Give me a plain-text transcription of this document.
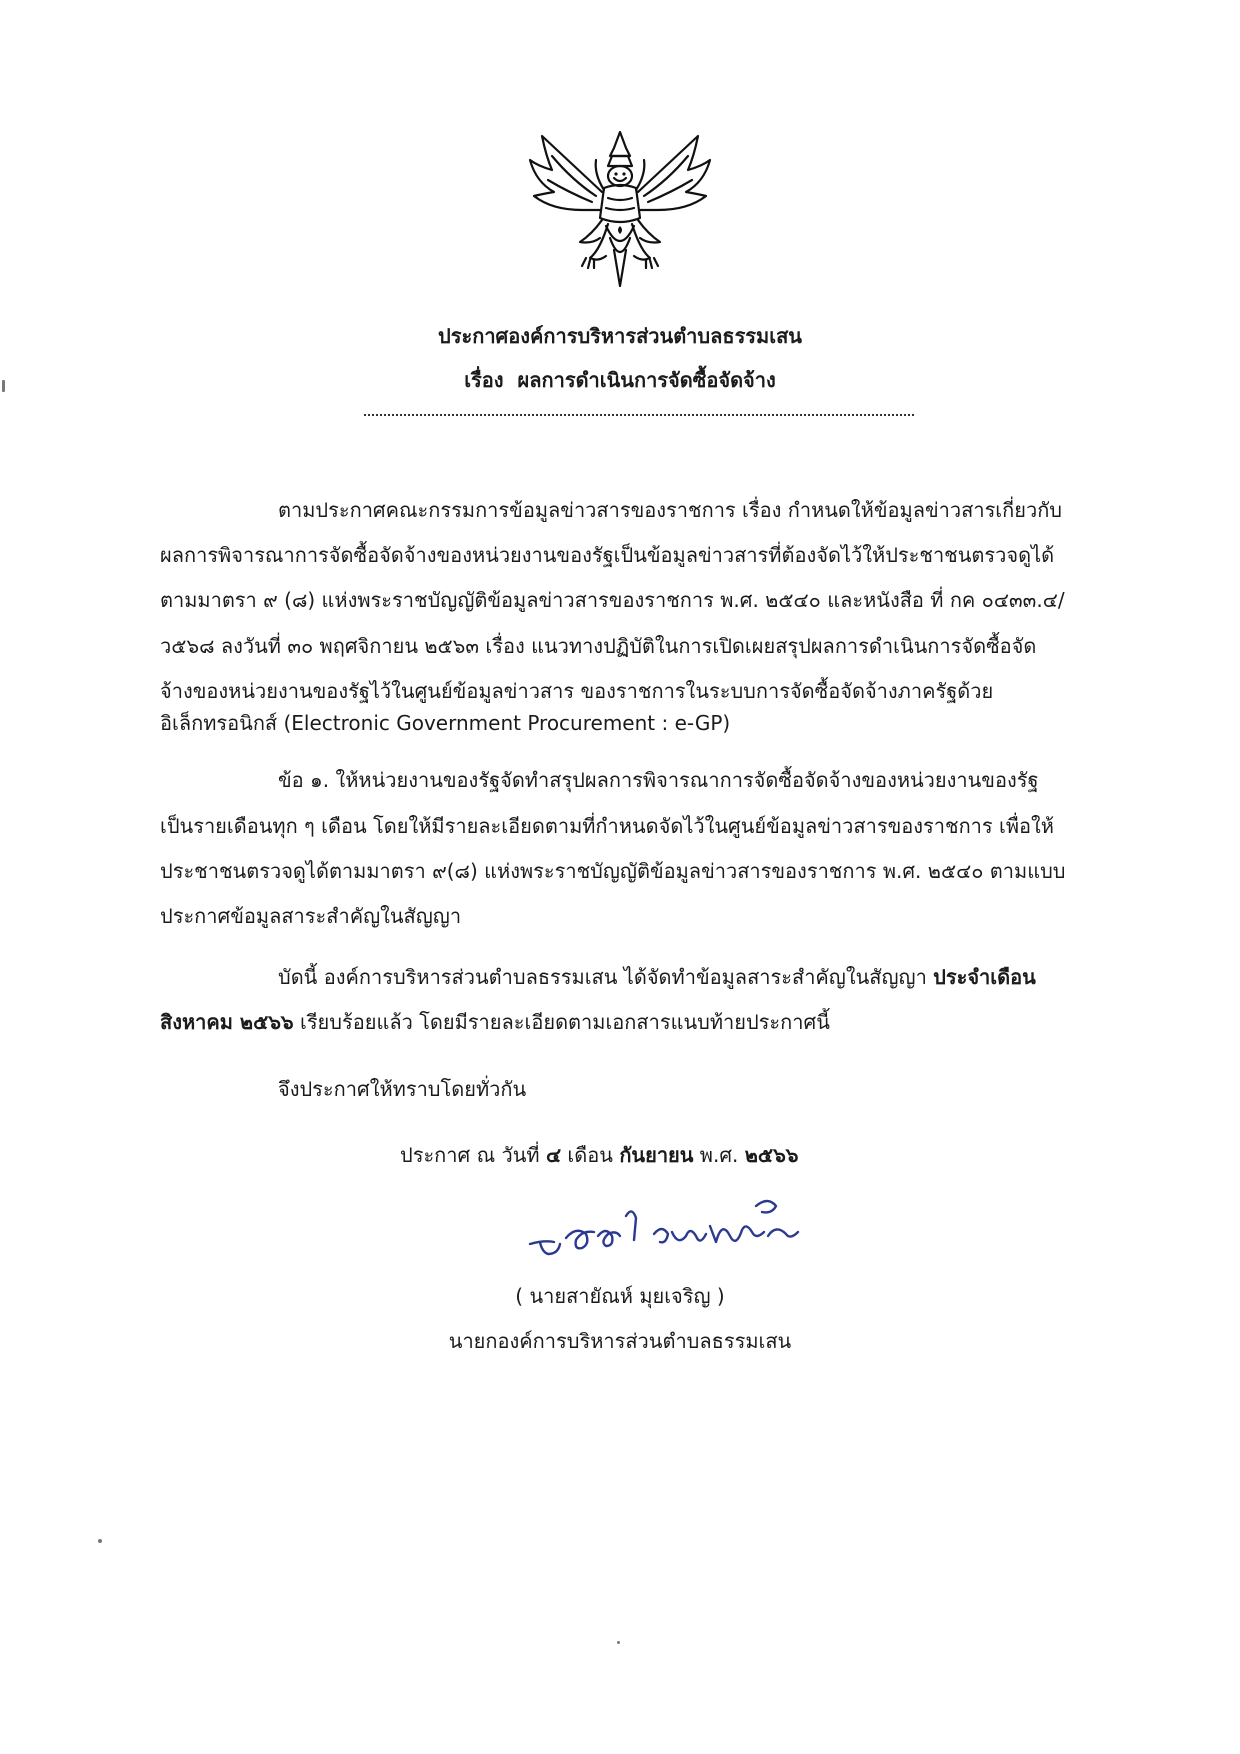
ประกาศองค์การบริหารส่วนตำบลธรรมเสน
เรื่อง ผลการดำเนินการจัดซื้อจัดจ้าง
ตามประกาศคณะกรรมการข้อมูลข่าวสารของราชการ เรื่อง กำหนดให้ข้อมูลข่าวสารเกี่ยวกับ
ผลการพิจารณาการจัดซื้อจัดจ้างของหน่วยงานของรัฐเป็นข้อมูลข่าวสารที่ต้องจัดไว้ให้ประชาชนตรวจดูได้
ตามมาตรา ๙ (๘) แห่งพระราชบัญญัติข้อมูลข่าวสารของราชการ พ.ศ. ๒๕๔๐ และหนังสือ ที่ กค ๐๔๓๓.๔/
ว๕๖๘ ลงวันที่ ๓๐ พฤศจิกายน ๒๕๖๓ เรื่อง แนวทางปฏิบัติในการเปิดเผยสรุปผลการดำเนินการจัดซื้อจัด
จ้างของหน่วยงานของรัฐไว้ในศูนย์ข้อมูลข่าวสาร ของราชการในระบบการจัดซื้อจัดจ้างภาครัฐด้วย
อิเล็กทรอนิกส์ (Electronic Government Procurement : e-GP)
ข้อ ๑. ให้หน่วยงานของรัฐจัดทำสรุปผลการพิจารณาการจัดซื้อจัดจ้างของหน่วยงานของรัฐ
เป็นรายเดือนทุก ๆ เดือน โดยให้มีรายละเอียดตามที่กำหนดจัดไว้ในศูนย์ข้อมูลข่าวสารของราชการ เพื่อให้
ประชาชนตรวจดูได้ตามมาตรา ๙(๘) แห่งพระราชบัญญัติข้อมูลข่าวสารของราชการ พ.ศ. ๒๕๔๐ ตามแบบ
ประกาศข้อมูลสาระสำคัญในสัญญา
บัดนี้ องค์การบริหารส่วนตำบลธรรมเสน ได้จัดทำข้อมูลสาระสำคัญในสัญญา ประจำเดือน
สิงหาคม ๒๕๖๖ เรียบร้อยแล้ว โดยมีรายละเอียดตามเอกสารแนบท้ายประกาศนี้
จึงประกาศให้ทราบโดยทั่วกัน
ประกาศ ณ วันที่ ๔ เดือน กันยายน พ.ศ. ๒๕๖๖
( นายสายัณห์ มุยเจริญ )
นายกองค์การบริหารส่วนตำบลธรรมเสน
